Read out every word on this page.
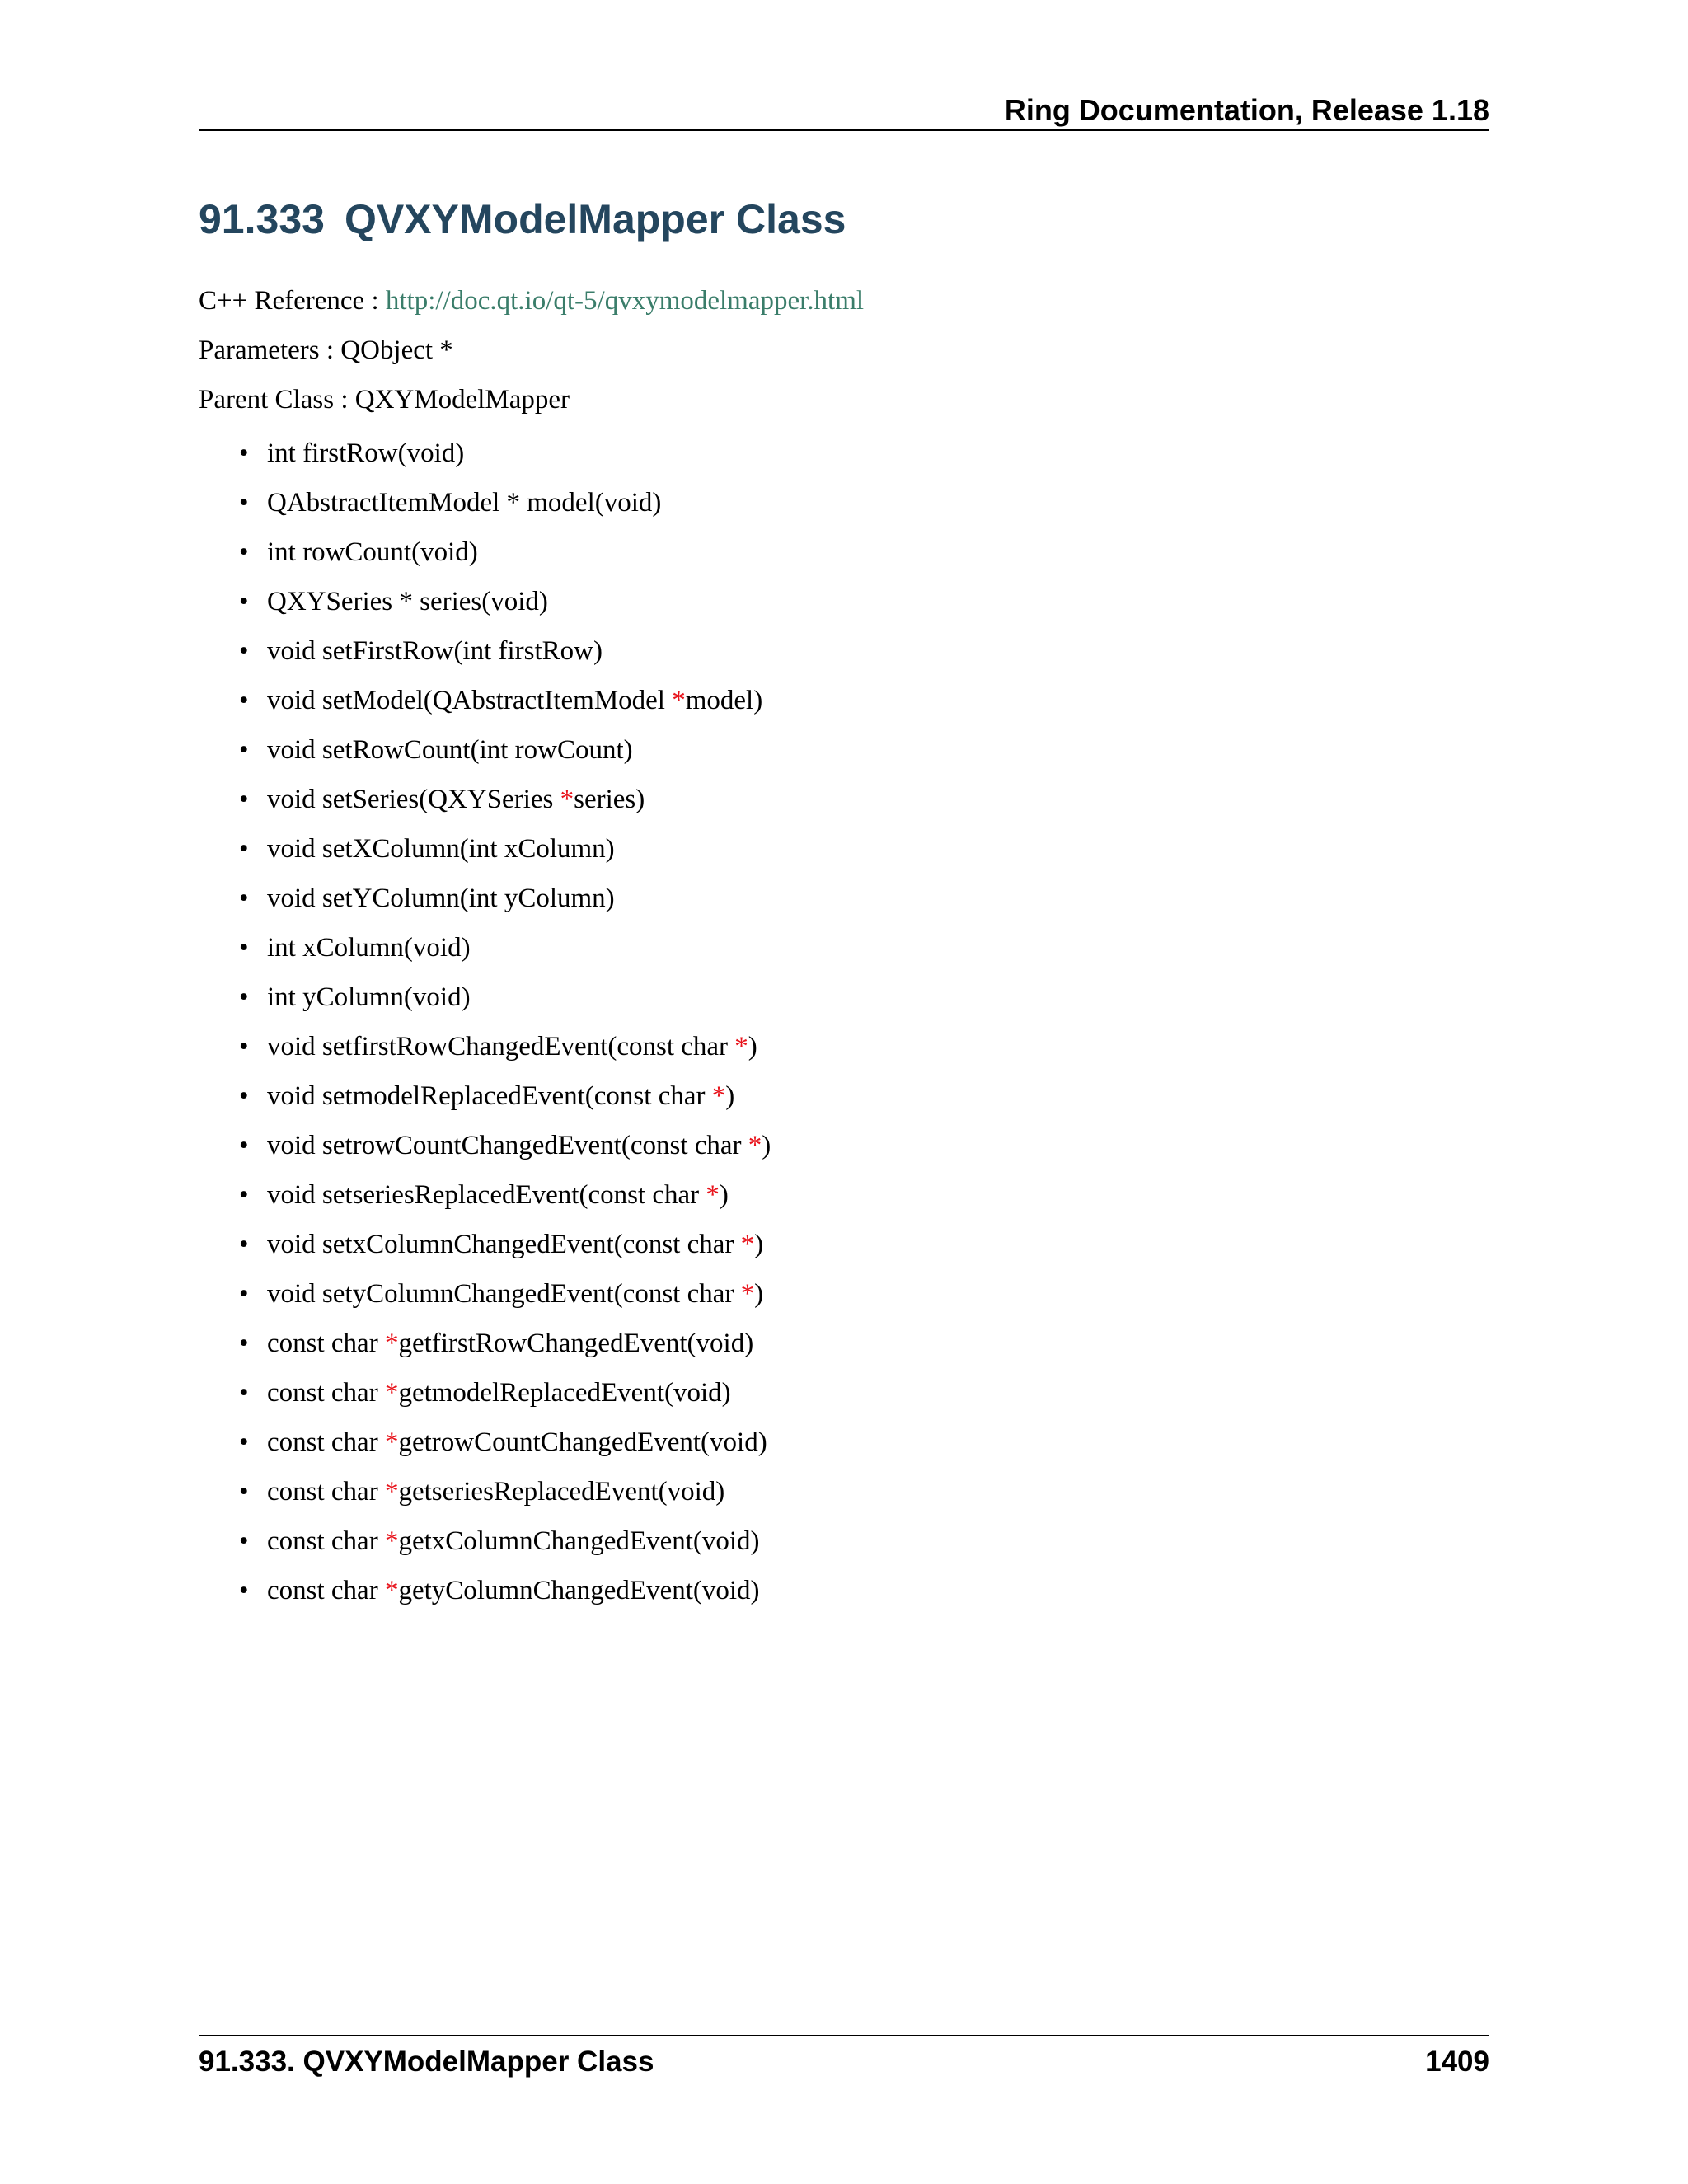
Ring Documentation, Release 1.18
91.333 QVXYModelMapper Class
C++ Reference : http://doc.qt.io/qt-5/qvxymodelmapper.html
Parameters : QObject *
Parent Class : QXYModelMapper
• int firstRow(void)
• QAbstractItemModel * model(void)
• int rowCount(void)
• QXYSeries * series(void)
• void setFirstRow(int firstRow)
• void setModel(QAbstractItemModel *model)
• void setRowCount(int rowCount)
• void setSeries(QXYSeries *series)
• void setXColumn(int xColumn)
• void setYColumn(int yColumn)
• int xColumn(void)
• int yColumn(void)
• void setfirstRowChangedEvent(const char *)
• void setmodelReplacedEvent(const char *)
• void setrowCountChangedEvent(const char *)
• void setseriesReplacedEvent(const char *)
• void setxColumnChangedEvent(const char *)
• void setyColumnChangedEvent(const char *)
• const char *getfirstRowChangedEvent(void)
• const char *getmodelReplacedEvent(void)
• const char *getrowCountChangedEvent(void)
• const char *getseriesReplacedEvent(void)
• const char *getxColumnChangedEvent(void)
• const char *getyColumnChangedEvent(void)
91.333. QVXYModelMapper Class	1409
